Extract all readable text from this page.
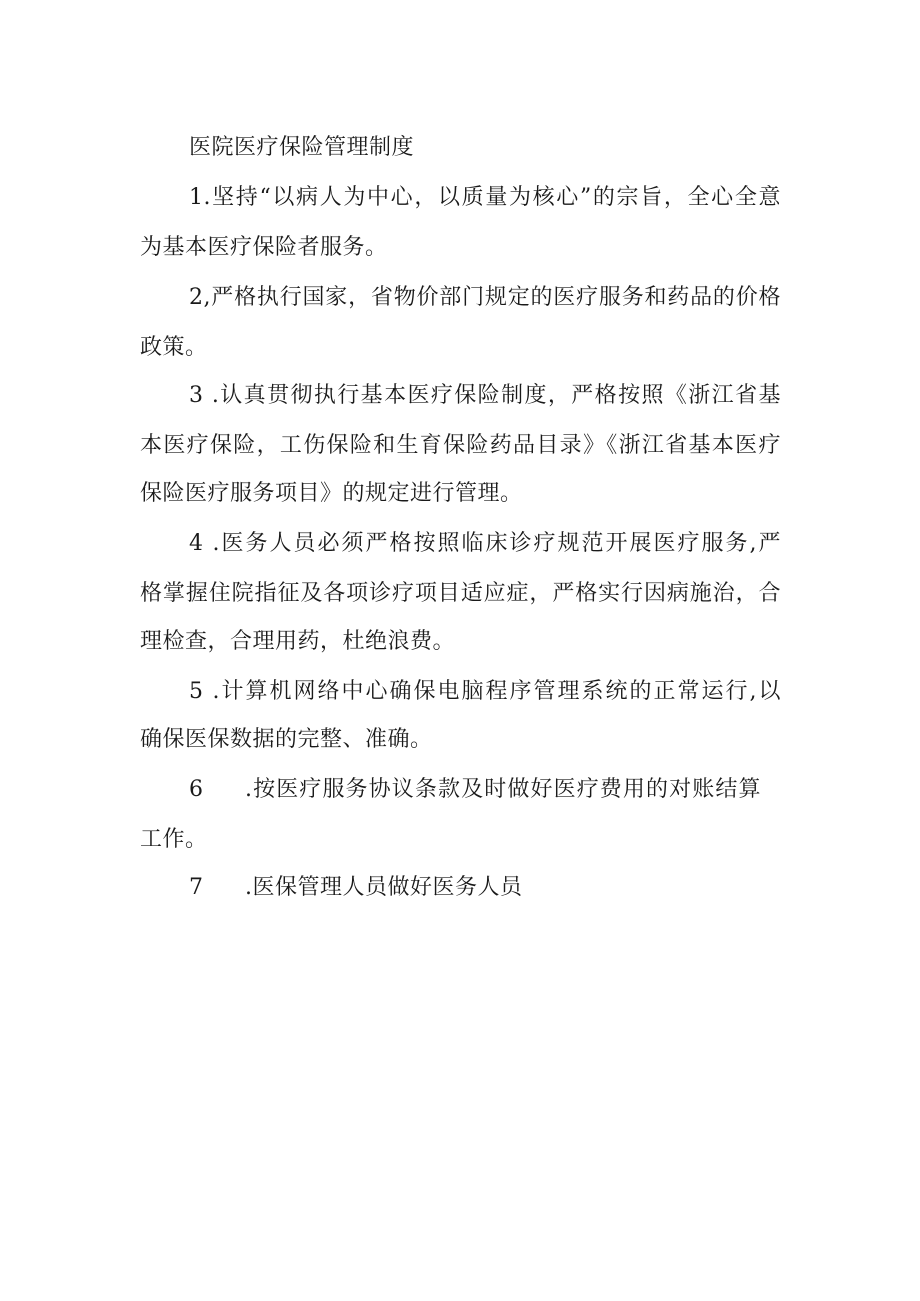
医院医疗保险管理制度
1.坚持“以病人为中心，以质量为核心”的宗旨，全心全意
为基本医疗保险者服务。
2,严格执行国家，省物价部门规定的医疗服务和药品的价格
政策。
3 .认真贯彻执行基本医疗保险制度，严格按照《浙江省基
本医疗保险，工伤保险和生育保险药品目录》《浙江省基本医疗
保险医疗服务项目》的规定进行管理。
4 .医务人员必须严格按照临床诊疗规范开展医疗服务,严
格掌握住院指征及各项诊疗项目适应症，严格实行因病施治，合
理检查，合理用药，杜绝浪费。
5 .计算机网络中心确保电脑程序管理系统的正常运行,以
确保医保数据的完整、准确。
6 .按医疗服务协议条款及时做好医疗费用的对账结算
工作。
7 .医保管理人员做好医务人员
